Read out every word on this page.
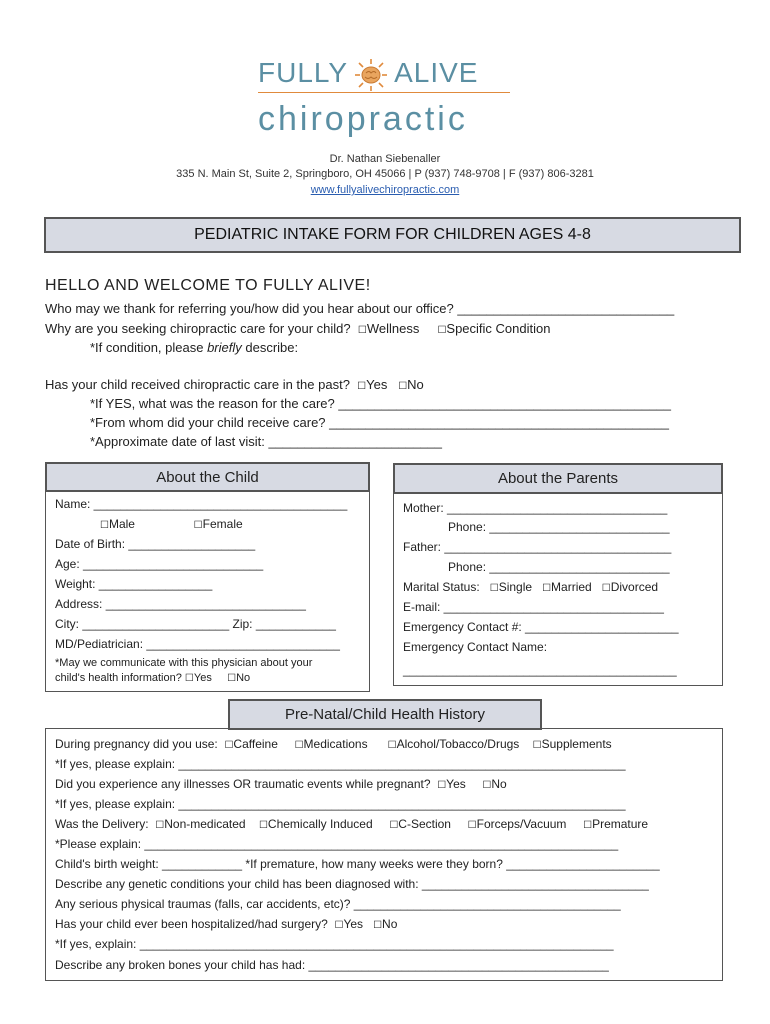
FULLY ALIVE
chiropractic
Dr. Nathan Siebenaller
335 N. Main St, Suite 2, Springboro, OH 45066 | P (937) 748-9708 | F (937) 806-3281
www.fullyalivechiropractic.com
PEDIATRIC INTAKE FORM FOR CHILDREN AGES 4-8
HELLO AND WELCOME TO FULLY ALIVE!
Who may we thank for referring you/how did you hear about our office? ______________________________
Why are you seeking chiropractic care for your child? ☐Wellness ☐Specific Condition
*If condition, please briefly describe:
Has your child received chiropractic care in the past? ☐Yes ☐No
*If YES, what was the reason for the care? ______________________________________________
*From whom did your child receive care? _______________________________________________
*Approximate date of last visit: ________________________
About the Child
Name: ______________________________________
☐Male	☐Female
Date of Birth: ___________________
Age: ___________________________
Weight: _________________
Address: ______________________________
City: ______________________ Zip: ____________
MD/Pediatrician: _____________________________
*May we communicate with this physician about your
child's health information? ☐Yes ☐No
About the Parents
Mother: _________________________________
Phone: ___________________________
Father: __________________________________
Phone: ___________________________
Marital Status: ☐Single ☐Married ☐Divorced
E-mail: _________________________________
Emergency Contact #: _______________________
Emergency Contact Name:
_________________________________________
Pre-Natal/Child Health History
During pregnancy did you use: ☐Caffeine ☐Medications ☐Alcohol/Tobacco/Drugs ☐Supplements
*If yes, please explain: ___________________________________________________________________
Did you experience any illnesses OR traumatic events while pregnant? ☐Yes ☐No
*If yes, please explain: ___________________________________________________________________
Was the Delivery: ☐Non-medicated ☐Chemically Induced ☐C-Section ☐Forceps/Vacuum ☐Premature
*Please explain: _______________________________________________________________________
Child's birth weight: ____________ *If premature, how many weeks were they born? _______________________
Describe any genetic conditions your child has been diagnosed with: __________________________________
Any serious physical traumas (falls, car accidents, etc)? ________________________________________
Has your child ever been hospitalized/had surgery? ☐Yes ☐No
*If yes, explain: _______________________________________________________________________
Describe any broken bones your child has had: _____________________________________________
